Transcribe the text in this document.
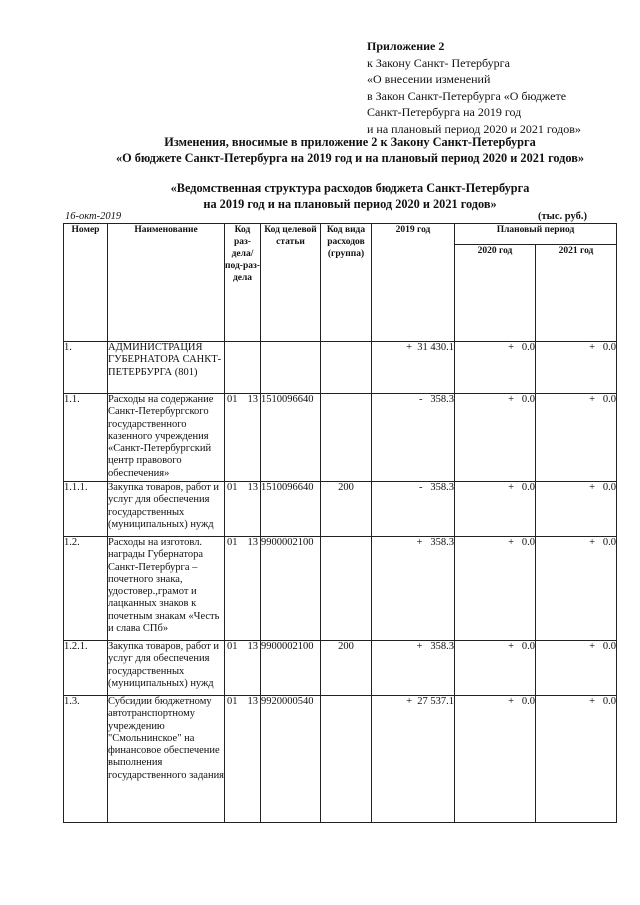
Приложение 2
к Закону Санкт- Петербурга
«О внесении изменений
в Закон Санкт-Петербурга «О бюджете
Санкт-Петербурга на 2019 год
и на плановый период 2020 и 2021 годов»
Изменения, вносимые в приложение 2 к Закону Санкт-Петербурга
«О бюджете Санкт-Петербурга на 2019 год и на плановый период 2020 и 2021 годов»
«Ведомственная структура расходов бюджета Санкт-Петербурга
на 2019 год и на плановый период 2020 и 2021 годов»
16-окт-2019	(тыс. руб.)
Номер	Наименование	Код раз-дела/ под-раз-дела	Код целевой статьи	Код вида расходов (группа)	2019 год	Плановый период	
						2020 год	2021 год
1.	АДМИНИСТРАЦИЯ ГУБЕРНАТОРА САНКТ-ПЕТЕРБУРГА (801)				+  31 430.1	+   0.0	+   0.0
1.1.	Расходы на содержание Санкт-Петербургского государственного казенного учреждения «Санкт-Петербургский центр правового обеспечения»	01 13	1510096640		-   358.3	+   0.0	+   0.0
1.1.1.	Закупка товаров, работ и услуг для обеспечения государственных (муниципальных) нужд	01 13	1510096640	200	-   358.3	+   0.0	+   0.0
1.2.	Расходы на изготовл. награды Губернатора Санкт-Петербурга – почетного знака, удостовер.,грамот и лацканных знаков к почетным знакам «Честь и слава СПб»	01 13	9900002100		+   358.3	+   0.0	+   0.0
1.2.1.	Закупка товаров, работ и услуг для обеспечения государственных (муниципальных) нужд	01 13	9900002100	200	+   358.3	+   0.0	+   0.0
1.3.	Субсидии бюджетному автотранспортному учреждению "Смольнинское" на финансовое обеспечение выполнения государственного задания	01 13	9920000540		+  27 537.1	+   0.0	+   0.0
